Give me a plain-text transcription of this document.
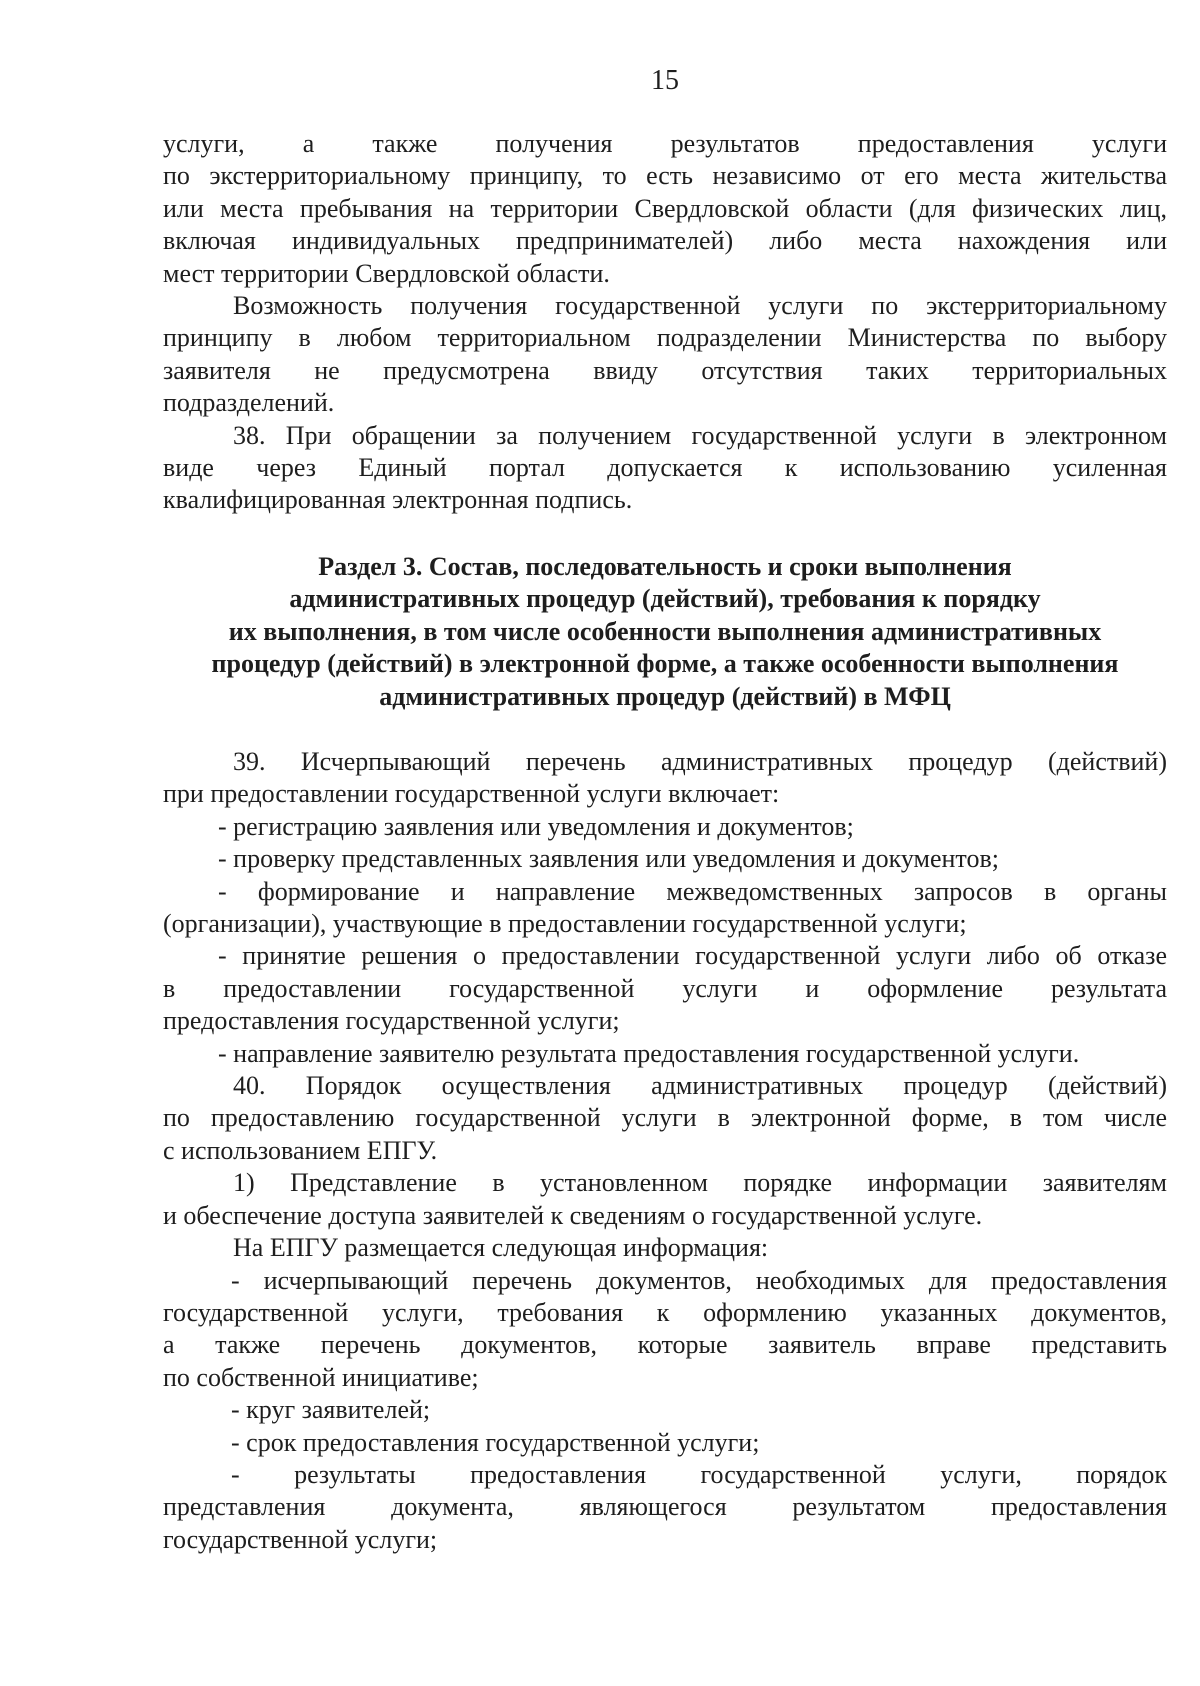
15
услуги, а также получения результатов предоставления услуги
по экстерриториальному принципу, то есть независимо от его места жительства
или места пребывания на территории Свердловской области (для физических лиц,
включая индивидуальных предпринимателей) либо места нахождения или
мест территории Свердловской области.
Возможность получения государственной услуги по экстерриториальному
принципу в любом территориальном подразделении Министерства по выбору
заявителя не предусмотрена ввиду отсутствия таких территориальных
подразделений.
38. При обращении за получением государственной услуги в электронном
виде через Единый портал допускается к использованию усиленная
квалифицированная электронная подпись.
Раздел 3. Состав, последовательность и сроки выполнения
административных процедур (действий), требования к порядку
их выполнения, в том числе особенности выполнения административных
процедур (действий) в электронной форме, а также особенности выполнения
административных процедур (действий) в МФЦ
39. Исчерпывающий перечень административных процедур (действий)
при предоставлении государственной услуги включает:
- регистрацию заявления или уведомления и документов;
- проверку представленных заявления или уведомления и документов;
- формирование и направление межведомственных запросов в органы
(организации), участвующие в предоставлении государственной услуги;
- принятие решения о предоставлении государственной услуги либо об отказе
в предоставлении государственной услуги и оформление результата
предоставления государственной услуги;
- направление заявителю результата предоставления государственной услуги.
40. Порядок осуществления административных процедур (действий)
по предоставлению государственной услуги в электронной форме, в том числе
с использованием ЕПГУ.
1) Представление в установленном порядке информации заявителям
и обеспечение доступа заявителей к сведениям о государственной услуге.
На ЕПГУ размещается следующая информация:
- исчерпывающий перечень документов, необходимых для предоставления
государственной услуги, требования к оформлению указанных документов,
а также перечень документов, которые заявитель вправе представить
по собственной инициативе;
- круг заявителей;
- срок предоставления государственной услуги;
- результаты предоставления государственной услуги, порядок
представления документа, являющегося результатом предоставления
государственной услуги;
